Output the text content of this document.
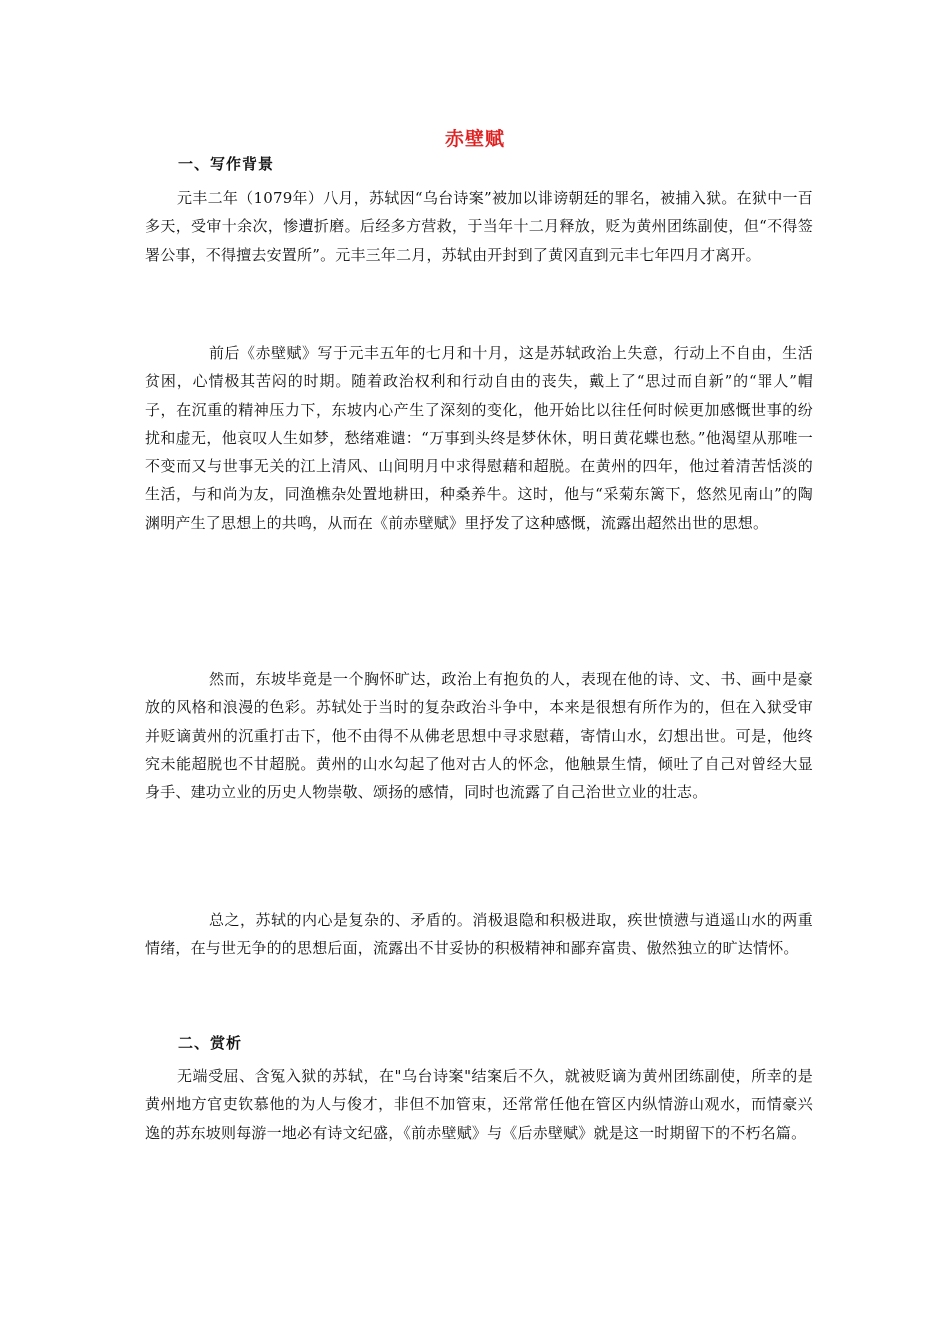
赤壁赋
一、写作背景

元丰二年（1079年）八月，苏轼因“乌台诗案”被加以诽谤朝廷的罪名，被捕入狱。在狱中一百多天，受审十余次，惨遭折磨。后经多方营救，于当年十二月释放，贬为黄州团练副使，但“不得签署公事，不得擅去安置所”。元丰三年二月，苏轼由开封到了黄冈直到元丰七年四月才离开。

前后《赤壁赋》写于元丰五年的七月和十月，这是苏轼政治上失意，行动上不自由，生活贫困，心情极其苦闷的时期。随着政治权利和行动自由的丧失，戴上了“思过而自新”的“罪人”帽子，在沉重的精神压力下，东坡内心产生了深刻的变化，他开始比以往任何时候更加感慨世事的纷扰和虚无，他哀叹人生如梦，愁绪难谴：“万事到头终是梦休休，明日黄花蝶也愁。”他渴望从那唯一不变而又与世事无关的江上清风、山间明月中求得慰藉和超脱。在黄州的四年，他过着清苦恬淡的生活，与和尚为友，同渔樵杂处置地耕田，种桑养牛。这时，他与“采菊东篱下，悠然见南山”的陶渊明产生了思想上的共鸣，从而在《前赤壁赋》里抒发了这种感慨，流露出超然出世的思想。

然而，东坡毕竟是一个胸怀旷达，政治上有抱负的人，表现在他的诗、文、书、画中是豪放的风格和浪漫的色彩。苏轼处于当时的复杂政治斗争中，本来是很想有所作为的，但在入狱受审并贬谪黄州的沉重打击下，他不由得不从佛老思想中寻求慰藉，寄情山水，幻想出世。可是，他终究未能超脱也不甘超脱。黄州的山水勾起了他对古人的怀念，他触景生情，倾吐了自己对曾经大显身手、建功立业的历史人物崇敬、颂扬的感情，同时也流露了自己治世立业的壮志。

总之，苏轼的内心是复杂的、矛盾的。消极退隐和积极进取，疾世愤懑与逍遥山水的两重情绪，在与世无争的的思想后面，流露出不甘妥协的积极精神和鄙弃富贵、傲然独立的旷达情怀。

二、赏析

无端受屈、含冤入狱的苏轼，在"乌台诗案"结案后不久，就被贬谪为黄州团练副使，所幸的是黄州地方官吏钦慕他的为人与俊才，非但不加管束，还常常任他在管区内纵情游山观水，而情豪兴逸的苏东坡则每游一地必有诗文纪盛，《前赤壁赋》与《后赤壁赋》就是这一时期留下的不朽名篇。
